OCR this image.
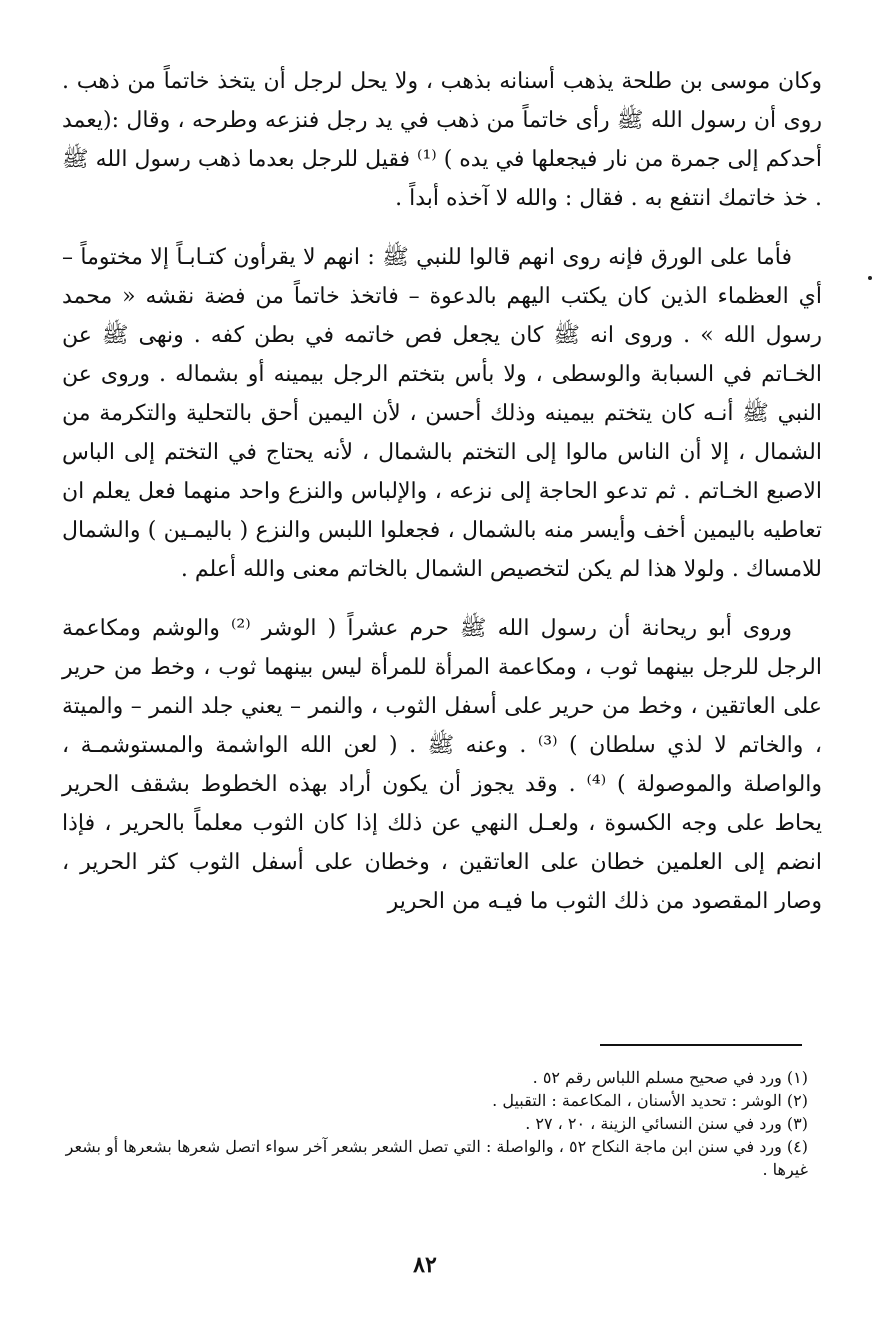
وكان موسى بن طلحة يذهب أسنانه بذهب ، ولا يحل لرجل أن يتخذ خاتماً من ذهب . روى أن رسول الله ﷺ رأى خاتماً من ذهب في يد رجل فنزعه وطرحه ، وقال :(يعمد أحدكم إلى جمرة من نار فيجعلها في يده ) ⁽¹⁾ فقيل للرجل بعدما ذهب رسول الله ﷺ . خذ خاتمك انتفع به . فقال : والله لا آخذه أبداً .

فأما على الورق فإنه روى انهم قالوا للنبي ﷺ : انهم لا يقرأون كتـابـاً إلا مختوماً – أي العظماء الذين كان يكتب اليهم بالدعوة – فاتخذ خاتماً من فضة نقشه « محمد رسول الله » . وروى انه ﷺ كان يجعل فص خاتمه في بطن كفه . ونهى ﷺ عن الخـاتم في السبابة والوسطى ، ولا بأس بتختم الرجل بيمينه أو بشماله . وروى عن النبي ﷺ أنـه كان يتختم بيمينه وذلك أحسن ، لأن اليمين أحق بالتحلية والتكرمة من الشمال ، إلا أن الناس مالوا إلى التختم بالشمال ، لأنه يحتاج في التختم إلى الباس الاصبع الخـاتم . ثم تدعو الحاجة إلى نزعه ، والإلباس والنزع واحد منهما فعل يعلم ان تعاطيه باليمين أخف وأيسر منه بالشمال ، فجعلوا اللبس والنزع ( باليمـين ) والشمال للامساك . ولولا هذا لم يكن لتخصيص الشمال بالخاتم معنى والله أعلم .

وروى أبو ريحانة أن رسول الله ﷺ حرم عشراً ( الوشر ⁽²⁾ والوشم ومكاعمة الرجل للرجل بينهما ثوب ، ومكاعمة المرأة للمرأة ليس بينهما ثوب ، وخط من حرير على العاتقين ، وخط من حرير على أسفل الثوب ، والنمر – يعني جلد النمر – والميتة ، والخاتم لا لذي سلطان ) ⁽³⁾ . وعنه ﷺ . ( لعن الله الواشمة والمستوشمـة ، والواصلة والموصولة ) ⁽⁴⁾ . وقد يجوز أن يكون أراد بهذه الخطوط بشقف الحرير يحاط على وجه الكسوة ، ولعـل النهي عن ذلك إذا كان الثوب معلماً بالحرير ، فإذا انضم إلى العلمين خطان على العاتقين ، وخطان على أسفل الثوب كثر الحرير ، وصار المقصود من ذلك الثوب ما فيـه من الحرير

(١) ورد في صحيح مسلم اللباس رقم ٥٢ .

(٢) الوشر : تحديد الأسنان ، المكاعمة : التقبيل .

(٣) ورد في سنن النسائي الزينة ، ٢٠ ، ٢٧ .

(٤) ورد في سنن ابن ماجة النكاح ٥٢ ، والواصلة : التي تصل الشعر بشعر آخر سواء اتصل شعرها بشعرها أو بشعر غيرها .

٨٢
